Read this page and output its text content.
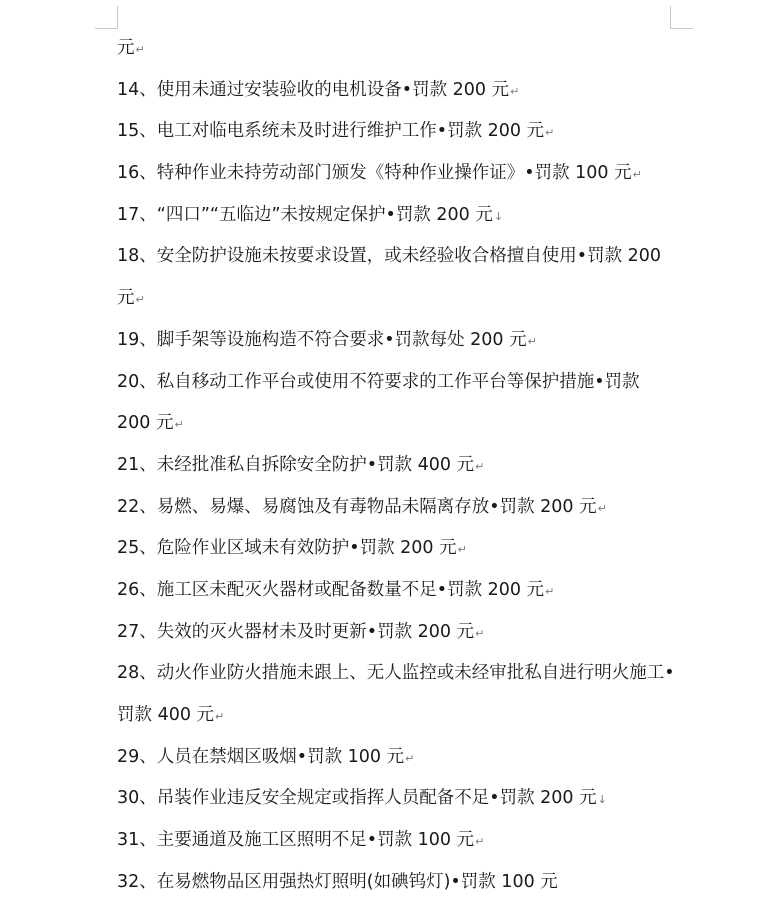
元↵
14、使用未通过安装验收的电机设备•罚款 200 元↵
15、电工对临电系统未及时进行维护工作•罚款 200 元↵
16、特种作业未持劳动部门颁发《特种作业操作证》•罚款 100 元↵
17、“四口”“五临边”未按规定保护•罚款 200 元↓
18、安全防护设施未按要求设置，或未经验收合格擅自使用•罚款 200
元↵
19、脚手架等设施构造不符合要求•罚款每处 200 元↵
20、私自移动工作平台或使用不符要求的工作平台等保护措施•罚款
200 元↵
21、未经批准私自拆除安全防护•罚款 400 元↵
22、易燃、易爆、易腐蚀及有毒物品未隔离存放•罚款 200 元↵
25、危险作业区域未有效防护•罚款 200 元↵
26、施工区未配灭火器材或配备数量不足•罚款 200 元↵
27、失效的灭火器材未及时更新•罚款 200 元↵
28、动火作业防火措施未跟上、无人监控或未经审批私自进行明火施工•
罚款 400 元↵
29、人员在禁烟区吸烟•罚款 100 元↵
30、吊装作业违反安全规定或指挥人员配备不足•罚款 200 元↓
31、主要通道及施工区照明不足•罚款 100 元↵
32、在易燃物品区用强热灯照明(如碘钨灯)•罚款 100 元
